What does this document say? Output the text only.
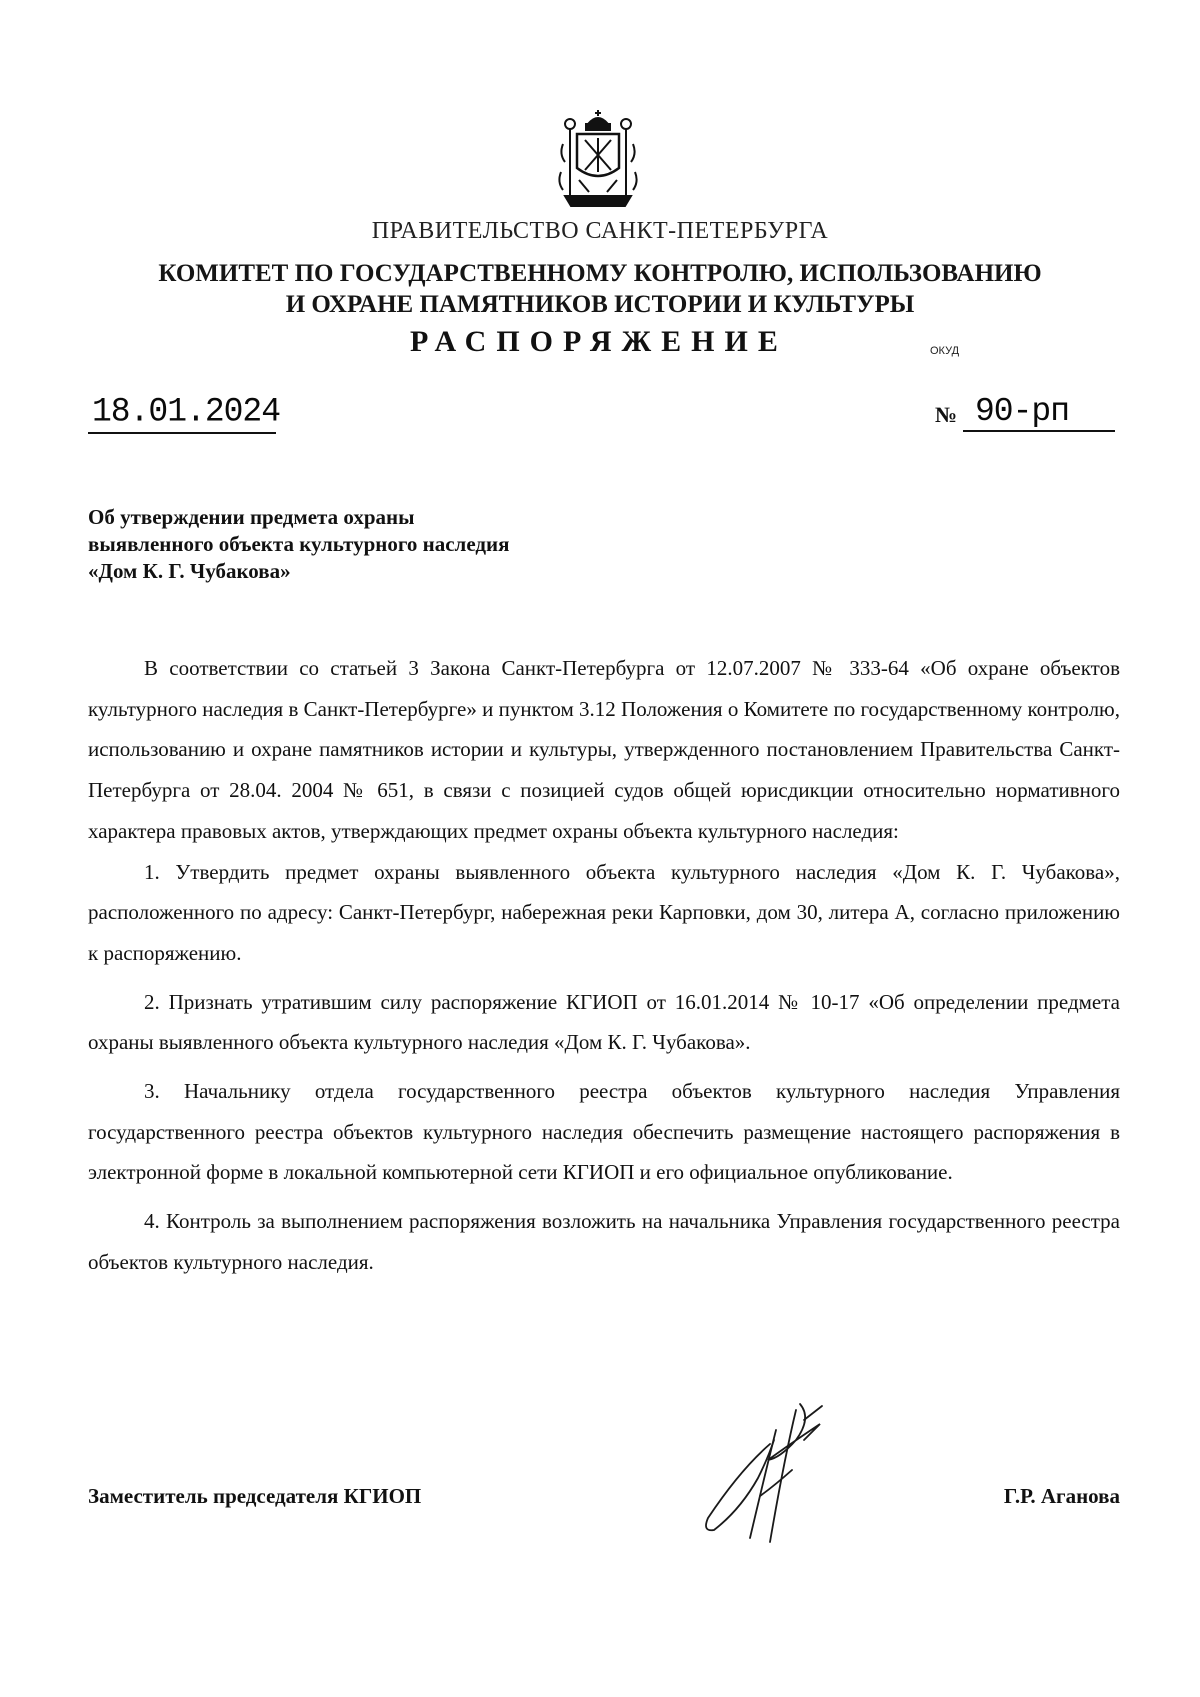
ПРАВИТЕЛЬСТВО САНКТ-ПЕТЕРБУРГА
КОМИТЕТ ПО ГОСУДАРСТВЕННОМУ КОНТРОЛЮ, ИСПОЛЬЗОВАНИЮ
И ОХРАНЕ ПАМЯТНИКОВ ИСТОРИИ И КУЛЬТУРЫ
РАСПОРЯЖЕНИЕ	ОКУД
18.01.2024	№ 90-рп
Об утверждении предмета охраны
выявленного объекта культурного наследия
«Дом К. Г. Чубакова»

В соответствии со статьей 3 Закона Санкт-Петербурга от 12.07.2007 № 333-64 «Об охране объектов культурного наследия в Санкт-Петербурге» и пунктом 3.12 Положения о Комитете по государственному контролю, использованию и охране памятников истории и культуры, утвержденного постановлением Правительства Санкт-Петербурга от 28.04. 2004 № 651, в связи с позицией судов общей юрисдикции относительно нормативного характера правовых актов, утверждающих предмет охраны объекта культурного наследия:

1. Утвердить предмет охраны выявленного объекта культурного наследия «Дом К. Г. Чубакова», расположенного по адресу: Санкт-Петербург, набережная реки Карповки, дом 30, литера А, согласно приложению к распоряжению.

2. Признать утратившим силу распоряжение КГИОП от 16.01.2014 № 10-17 «Об определении предмета охраны выявленного объекта культурного наследия «Дом К. Г. Чубакова».

3. Начальнику отдела государственного реестра объектов культурного наследия Управления государственного реестра объектов культурного наследия обеспечить размещение настоящего распоряжения в электронной форме в локальной компьютерной сети КГИОП и его официальное опубликование.

4. Контроль за выполнением распоряжения возложить на начальника Управления государственного реестра объектов культурного наследия.

Заместитель председателя КГИОП	Г.Р. Аганова
